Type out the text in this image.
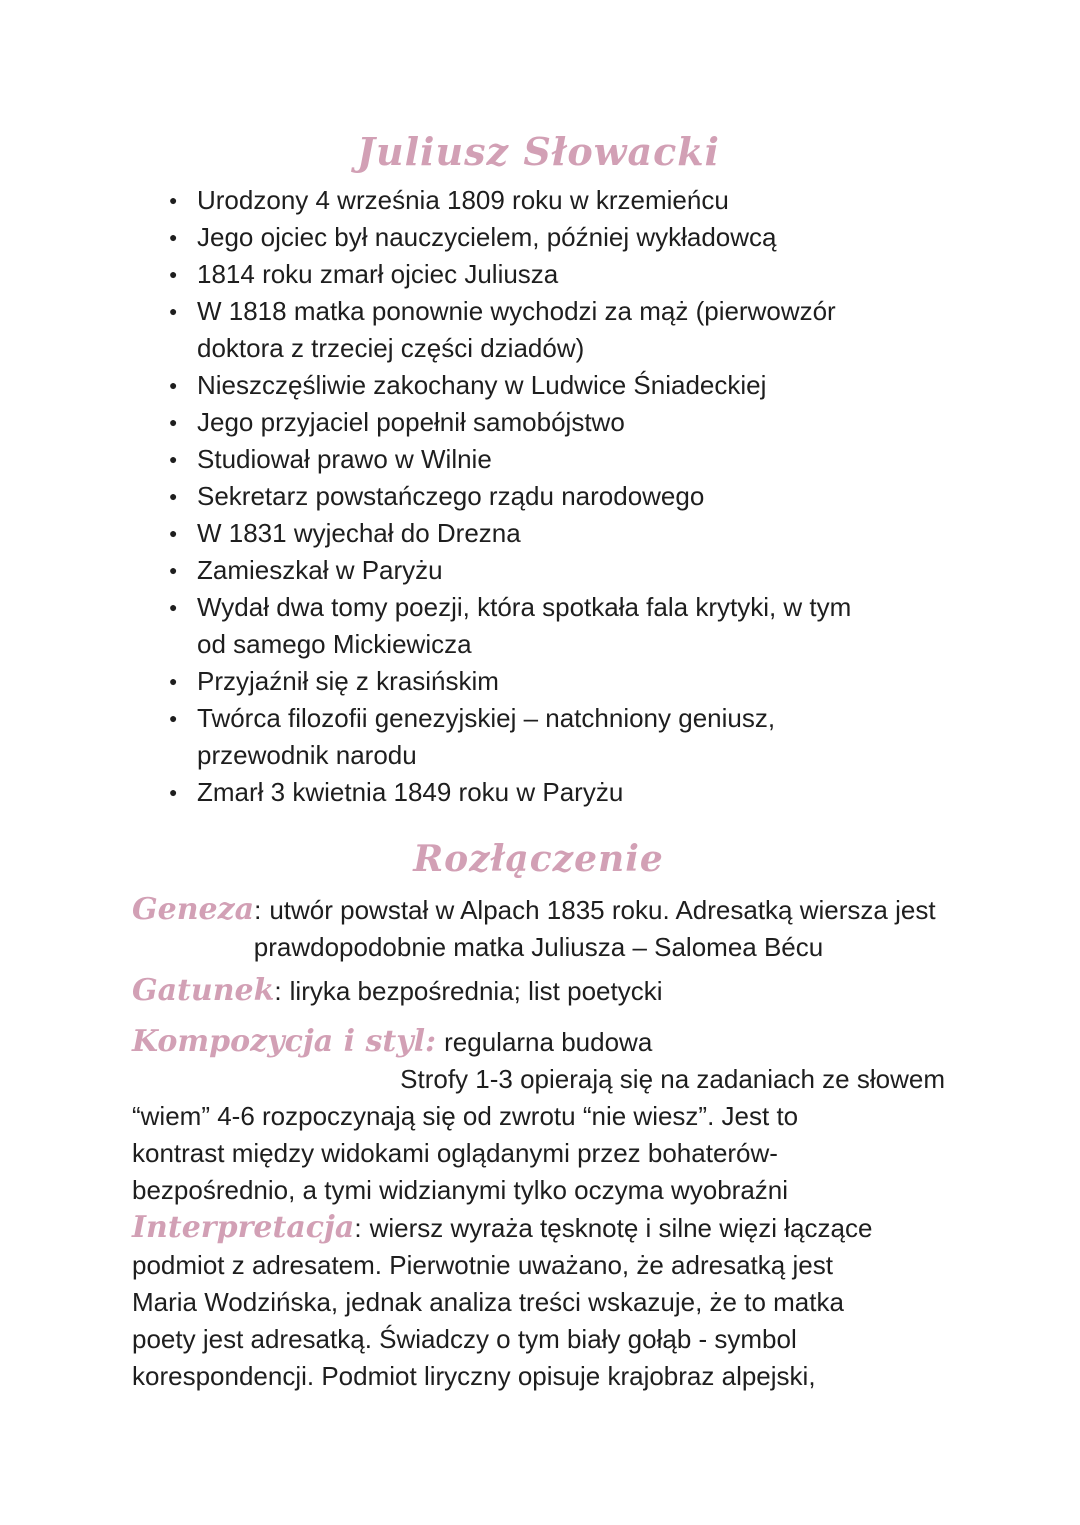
Juliusz Słowacki
● Urodzony 4 września 1809 roku w krzemieńcu
● Jego ojciec był nauczycielem, później wykładowcą
● 1814 roku zmarł ojciec Juliusza
● W 1818 matka ponownie wychodzi za mąż (pierwowzór
doktora z trzeciej części dziadów)
● Nieszczęśliwie zakochany w Ludwice Śniadeckiej
● Jego przyjaciel popełnił samobójstwo
● Studiował prawo w Wilnie
● Sekretarz powstańczego rządu narodowego
● W 1831 wyjechał do Drezna
● Zamieszkał w Paryżu
● Wydał dwa tomy poezji, która spotkała fala krytyki, w tym
od samego Mickiewicza
● Przyjaźnił się z krasińskim
● Twórca filozofii genezyjskiej – natchniony geniusz,
przewodnik narodu
● Zmarł 3 kwietnia 1849 roku w Paryżu
Rozłączenie
Geneza: utwór powstał w Alpach 1835 roku. Adresatką wiersza jest
prawdopodobnie matka Juliusza – Salomea Bécu
Gatunek: liryka bezpośrednia; list poetycki
Kompozycja i styl: regularna budowa
Strofy 1-3 opierają się na zadaniach ze słowem
“wiem” 4-6 rozpoczynają się od zwrotu “nie wiesz”. Jest to
kontrast między widokami oglądanymi przez bohaterów-
bezpośrednio, a tymi widzianymi tylko oczyma wyobraźni
Interpretacja: wiersz wyraża tęsknotę i silne więzi łączące
podmiot z adresatem. Pierwotnie uważano, że adresatką jest
Maria Wodzińska, jednak analiza treści wskazuje, że to matka
poety jest adresatką. Świadczy o tym biały gołąb - symbol
korespondencji. Podmiot liryczny opisuje krajobraz alpejski,
